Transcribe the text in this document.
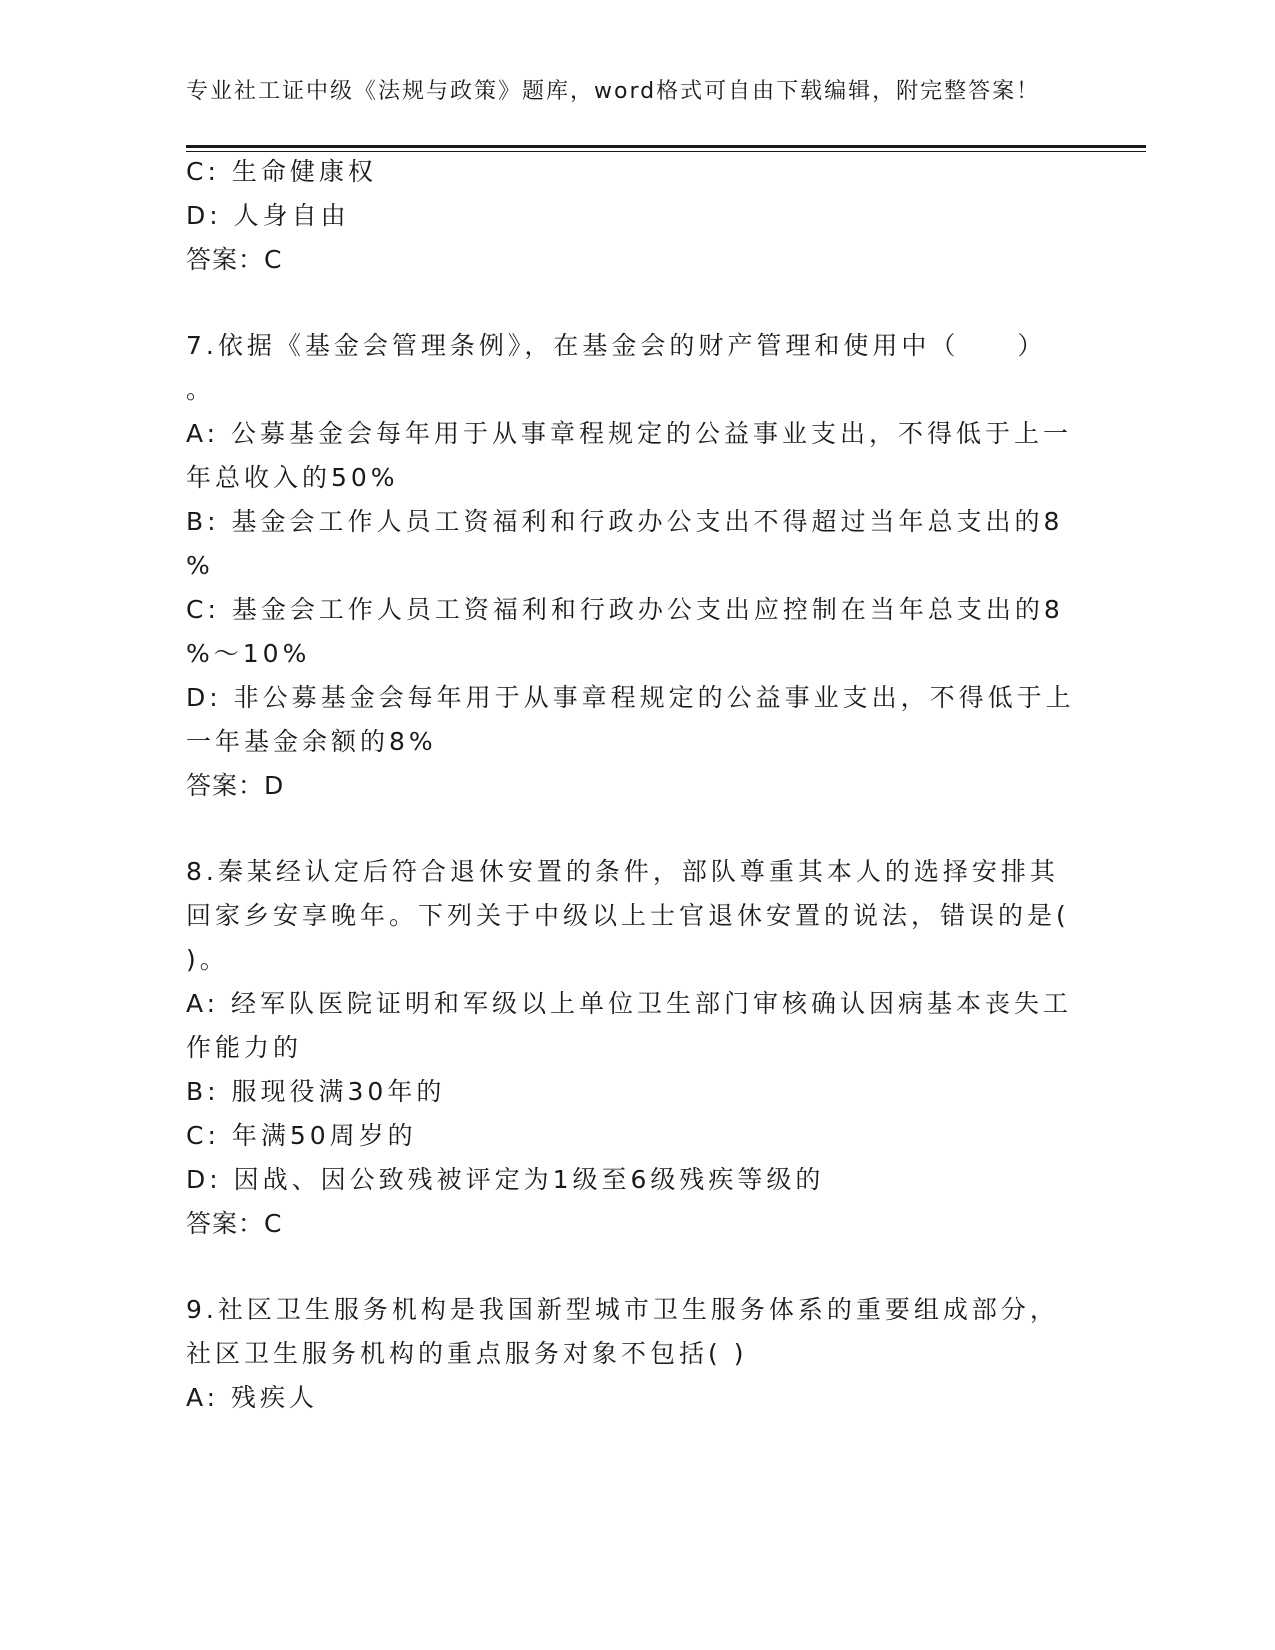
专业社工证中级《法规与政策》题库，word格式可自由下载编辑，附完整答案！
C: 生命健康权
D: 人身自由
答案：C
7.依据《基金会管理条例》，在基金会的财产管理和使用中（　　）
。
A: 公募基金会每年用于从事章程规定的公益事业支出，不得低于上一
年总收入的50%
B: 基金会工作人员工资福利和行政办公支出不得超过当年总支出的8
%
C: 基金会工作人员工资福利和行政办公支出应控制在当年总支出的8
%～10%
D: 非公募基金会每年用于从事章程规定的公益事业支出，不得低于上
一年基金余额的8%
答案：D
8.秦某经认定后符合退休安置的条件，部队尊重其本人的选择安排其
回家乡安享晚年。下列关于中级以上士官退休安置的说法，错误的是(
)。
A: 经军队医院证明和军级以上单位卫生部门审核确认因病基本丧失工
作能力的
B: 服现役满30年的
C: 年满50周岁的
D: 因战、因公致残被评定为1级至6级残疾等级的
答案：C
9.社区卫生服务机构是我国新型城市卫生服务体系的重要组成部分，
社区卫生服务机构的重点服务对象不包括( )
A: 残疾人
